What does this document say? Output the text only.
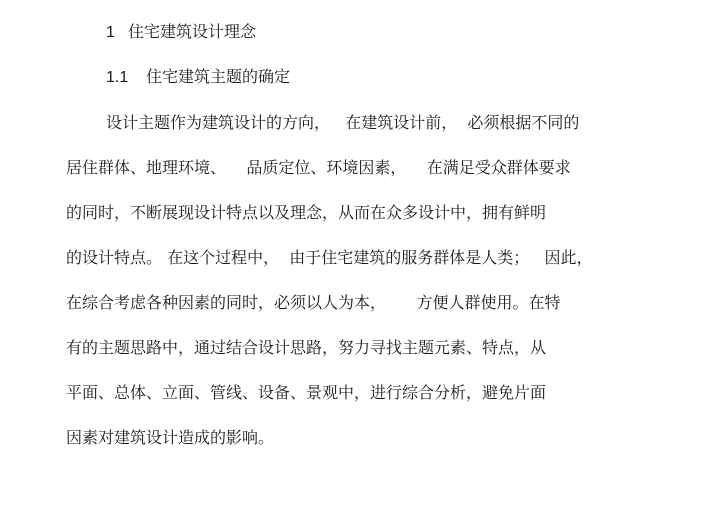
1 住宅建筑设计理念
1.1 住宅建筑主题的确定
设计主题作为建筑设计的方向，   在建筑设计前，  必须根据不同的
居住群体、地理环境、    品质定位、环境因素，    在满足受众群体要求
的同时，不断展现设计特点以及理念，从而在众多设计中，拥有鲜明
的设计特点。 在这个过程中，  由于住宅建筑的服务群体是人类；   因此，
在综合考虑各种因素的同时，必须以人为本，      方便人群使用。在特
有的主题思路中，通过结合设计思路，努力寻找主题元素、特点，从
平面、总体、立面、管线、设备、景观中，进行综合分析，避免片面
因素对建筑设计造成的影响。
